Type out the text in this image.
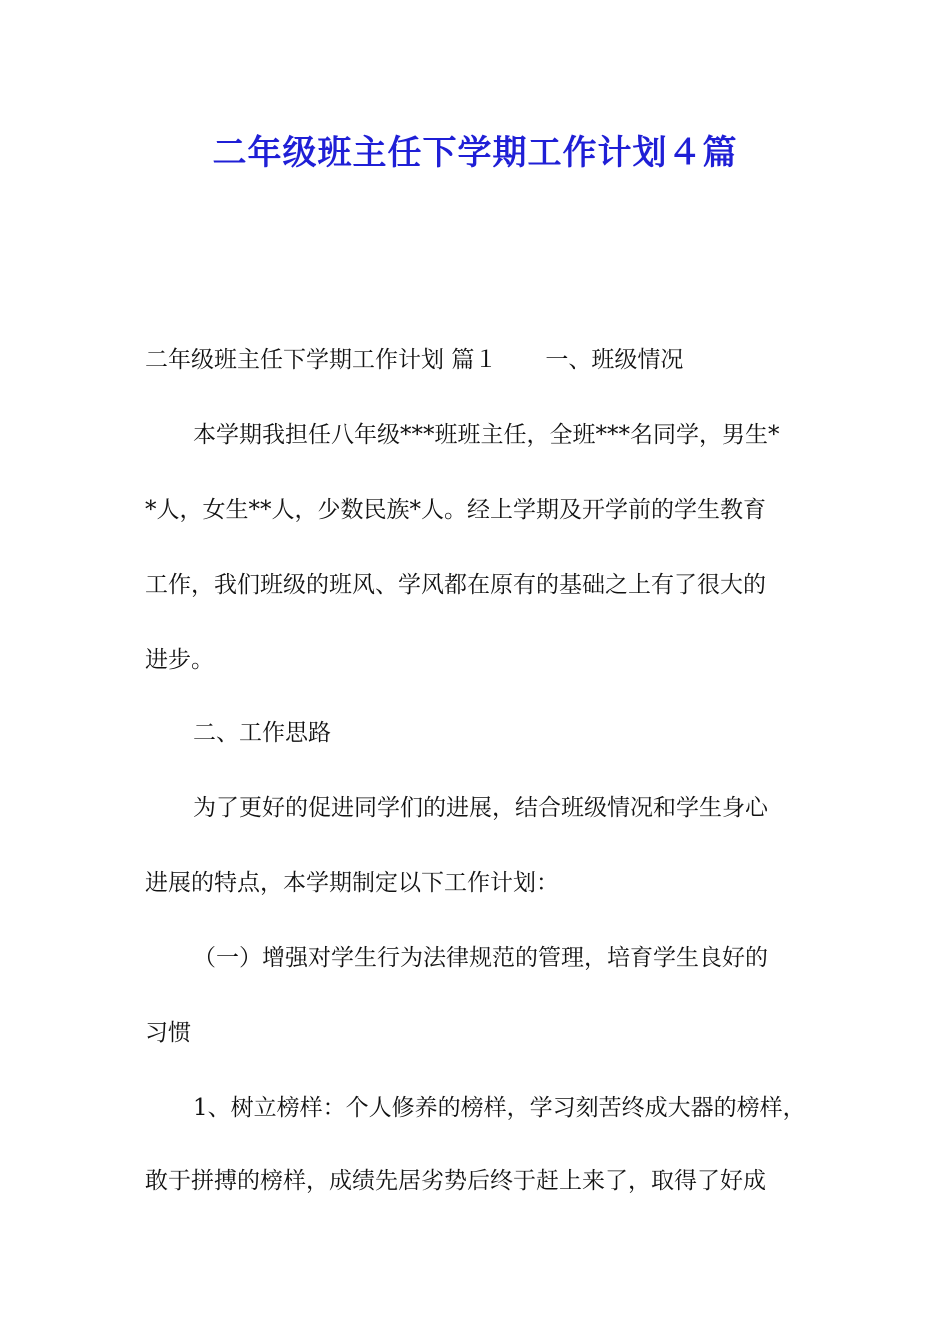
二年级班主任下学期工作计划４篇
二年级班主任下学期工作计划 篇１ 一、班级情况
本学期我担任八年级***班班主任，全班***名同学，男生*
*人，女生**人，少数民族*人。经上学期及开学前的学生教育
工作，我们班级的班风、学风都在原有的基础之上有了很大的
进步。
二、工作思路
为了更好的促进同学们的进展，结合班级情况和学生身心
进展的特点，本学期制定以下工作计划：
（一）增强对学生行为法律规范的管理，培育学生良好的
习惯
1、树立榜样：个人修养的榜样，学习刻苦终成大器的榜样，
敢于拼搏的榜样，成绩先居劣势后终于赶上来了，取得了好成
